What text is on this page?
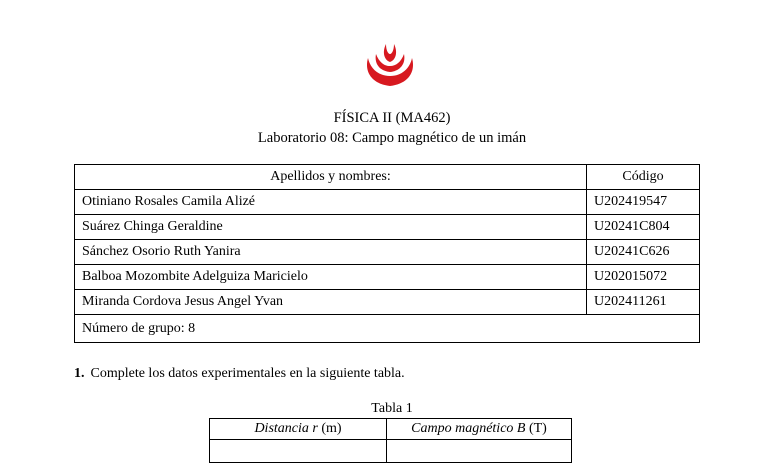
FÍSICA II (MA462)
Laboratorio 08: Campo magnético de un imán
Apellidos y nombres:	Código
Otiniano Rosales Camila Alizé	U202419547
Suárez Chinga Geraldine	U20241C804
Sánchez Osorio Ruth Yanira	U20241C626
Balboa Mozombite Adelguiza Maricielo	U202015072
Miranda Cordova Jesus Angel Yvan	U202411261
Número de grupo: 8	
1. Complete los datos experimentales en la siguiente tabla.
Tabla 1
Distancia r (m)	Campo magnético B (T)
